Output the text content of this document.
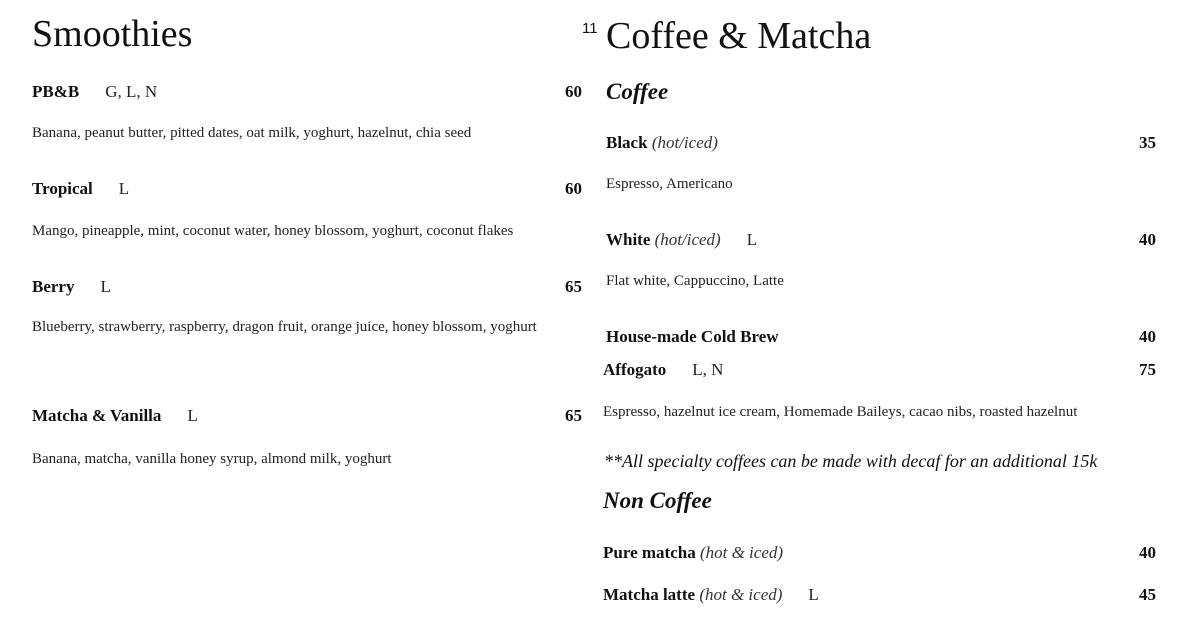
Smoothies
PB&B G, L, N	60
Banana, peanut butter, pitted dates, oat milk, yoghurt, hazelnut, chia seed
Tropical L	60
Mango, pineapple, mint, coconut water, honey blossom, yoghurt, coconut flakes
Berry L	65
Blueberry, strawberry, raspberry, dragon fruit, orange juice, honey blossom, yoghurt
Matcha & Vanilla L	65
Banana, matcha, vanilla honey syrup, almond milk, yoghurt
11 Coffee & Matcha
Coffee
Black (hot/iced)	35
Espresso, Americano
White (hot/iced) L	40
Flat white, Cappuccino, Latte
House-made Cold Brew	40
Affogato L, N	75
Espresso, hazelnut ice cream, Homemade Baileys, cacao nibs, roasted hazelnut
**All specialty coffees can be made with decaf for an additional 15k
Non Coffee
Pure matcha (hot & iced)	40
Matcha latte (hot & iced) L	45
